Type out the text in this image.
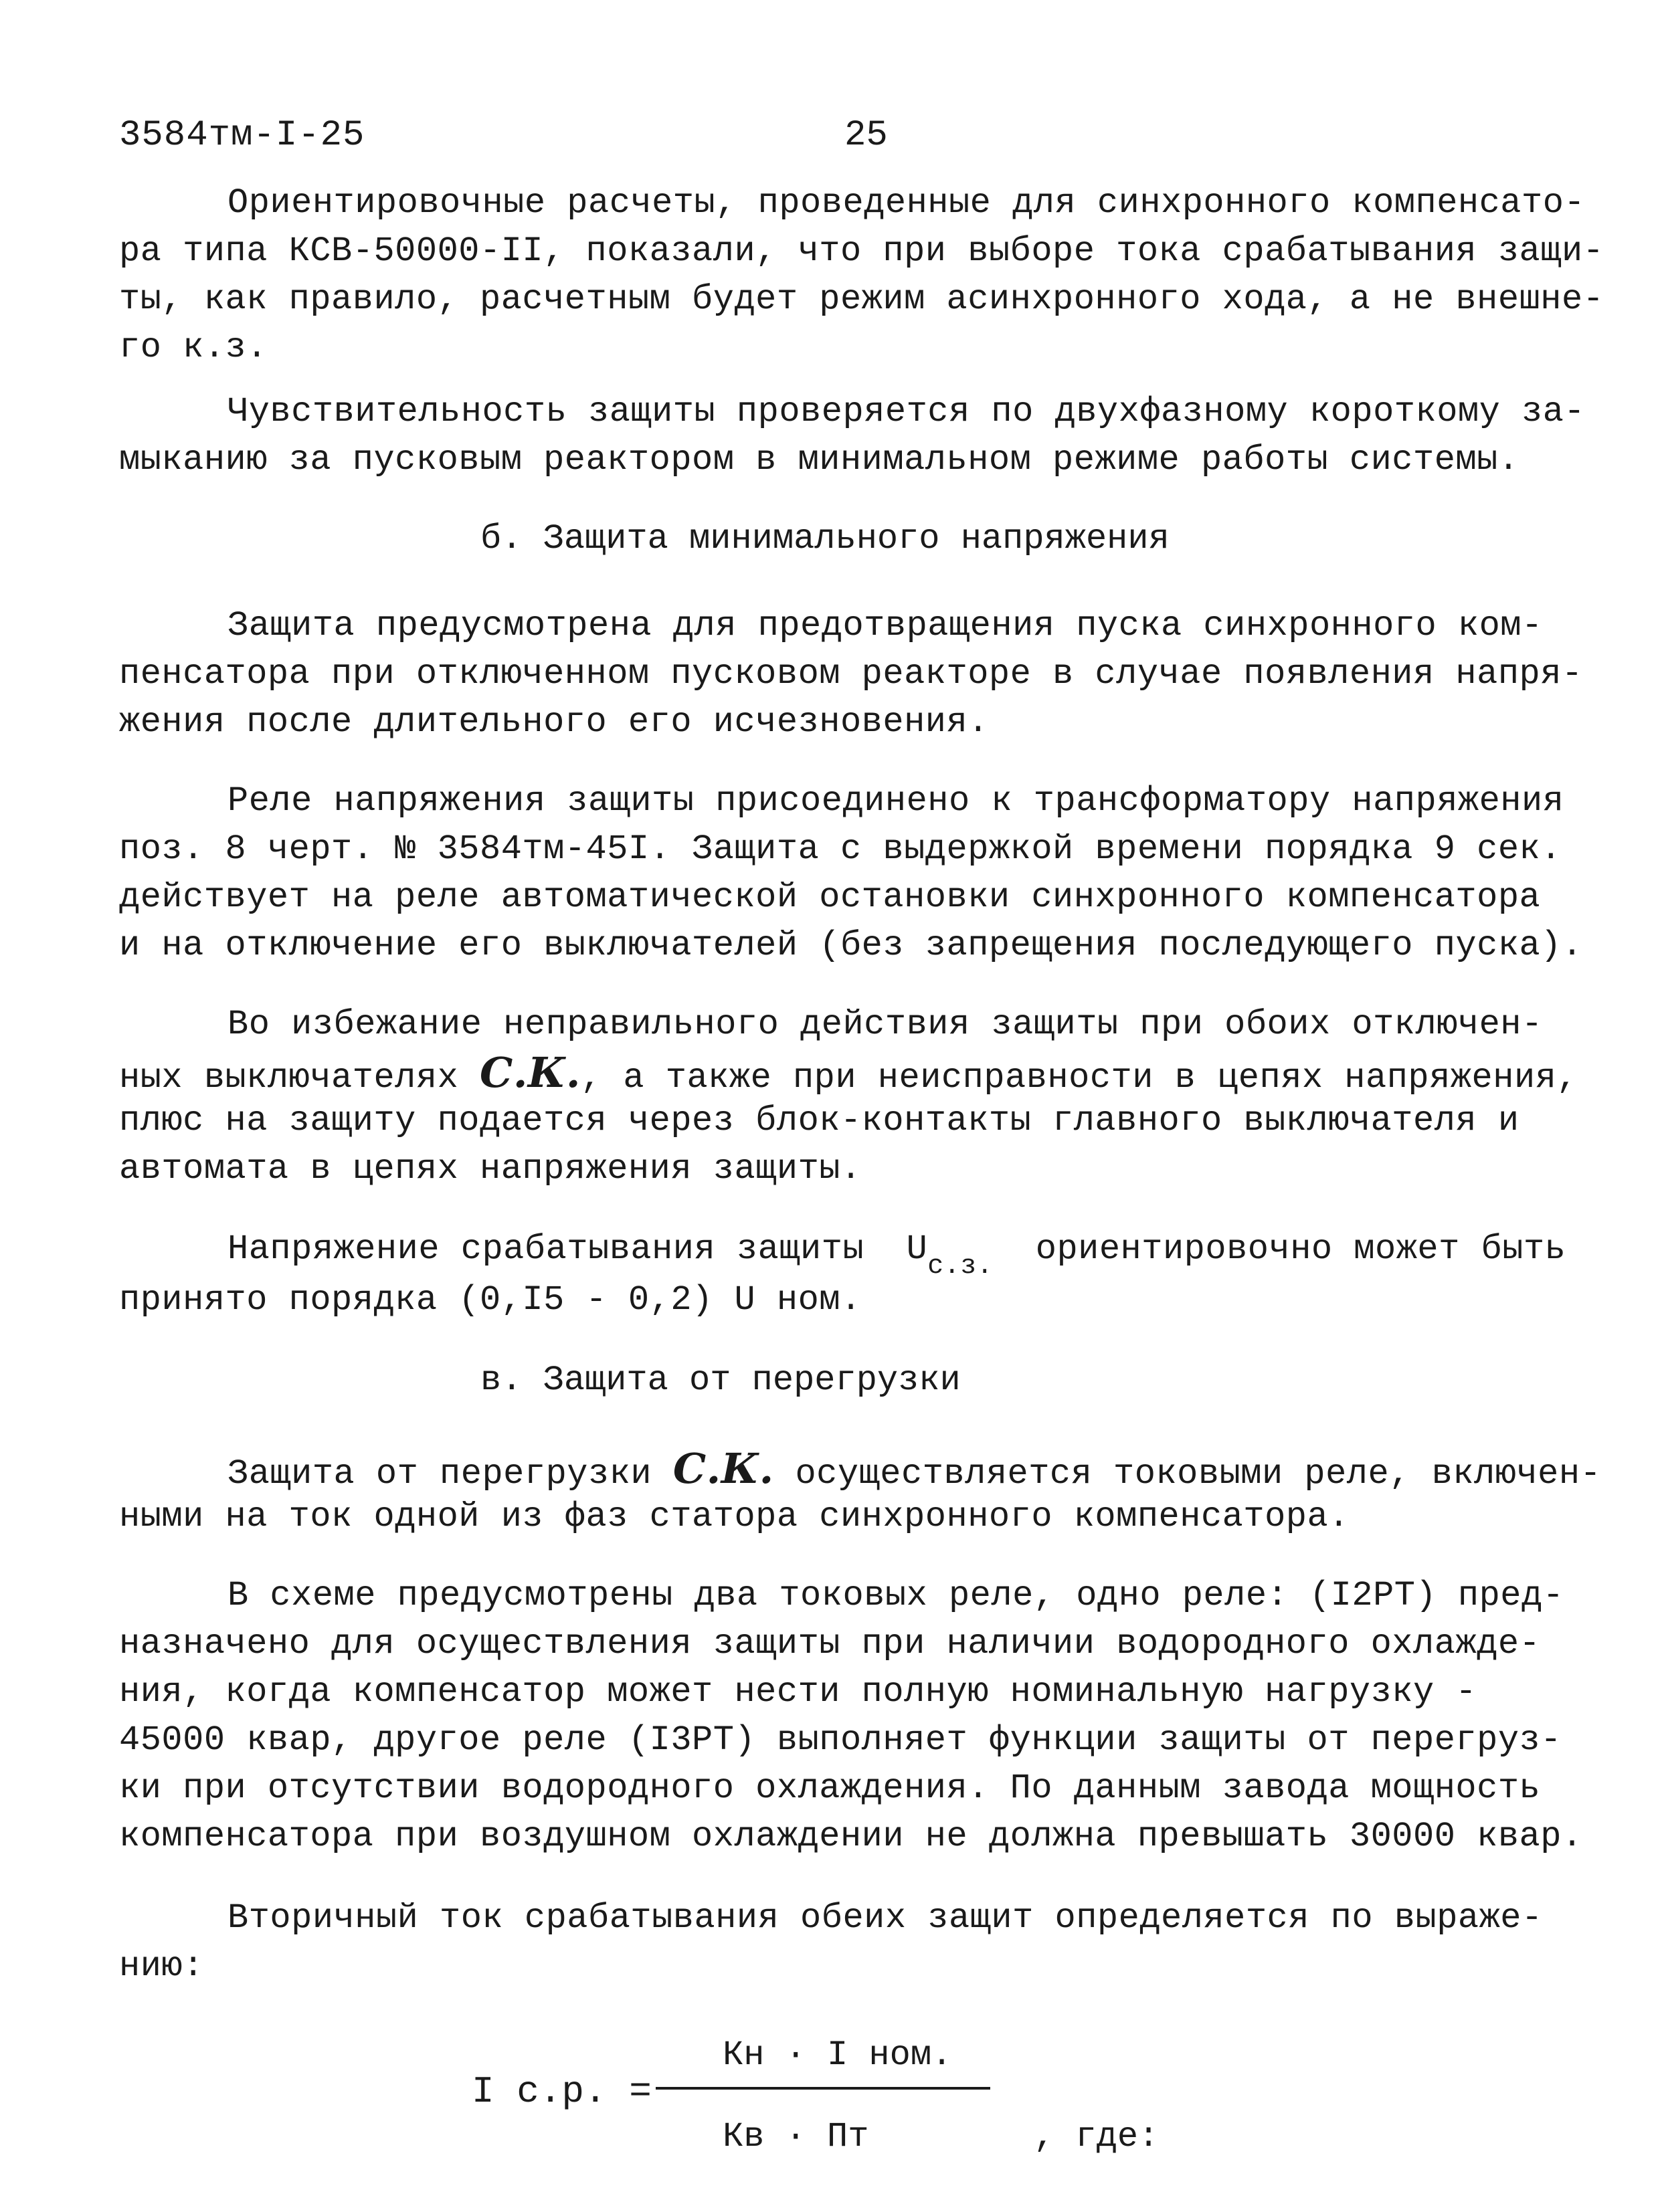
3584тм-I-25	25
Ориентировочные расчеты, проведенные для синхронного компенсато-
ра типа КСВ-50000-II, показали, что при выборе тока срабатывания защи-
ты, как правило, расчетным будет режим асинхронного хода, а не внешне-
го к.з.
Чувствительность защиты проверяется по двухфазному короткому за-
мыканию за пусковым реактором в минимальном режиме работы системы.
б. Защита минимального напряжения
Защита предусмотрена для предотвращения пуска синхронного ком-
пенсатора при отключенном пусковом реакторе в случае появления напря-
жения после длительного его исчезновения.
Реле напряжения защиты присоединено к трансформатору напряжения
поз. 8 черт. № 3584тм-45I. Защита с выдержкой времени порядка 9 сек.
действует на реле автоматической остановки синхронного компенсатора
и на отключение его выключателей (без запрещения последующего пуска).
Во избежание неправильного действия защиты при обоих отключен-
ных выключателях С.К., а также при неисправности в цепях напряжения,
плюс на защиту подается через блок-контакты главного выключателя и
автомата в цепях напряжения защиты.
Напряжение срабатывания защиты $U_{с.з.}$ ориентировочно может быть
принято порядка (0,I5 - 0,2) U ном.
в. Защита от перегрузки
Защита от перегрузки С.К. осуществляется токовыми реле, включен-
ными на ток одной из фаз статора синхронного компенсатора.
В схеме предусмотрены два токовых реле, одно реле: (I2РТ) пред-
назначено для осуществления защиты при наличии водородного охлажде-
ния, когда компенсатор может нести полную номинальную нагрузку -
45000 квар, другое реле (I3РТ) выполняет функции защиты от перегруз-
ки при отсутствии водородного охлаждения. По данным завода мощность
компенсатора при воздушном охлаждении не должна превышать 30000 квар.
Вторичный ток срабатывания обеих защит определяется по выраже-
нию:
I с.р. =
Кн · I ном.
Кв · Пт	, где:
